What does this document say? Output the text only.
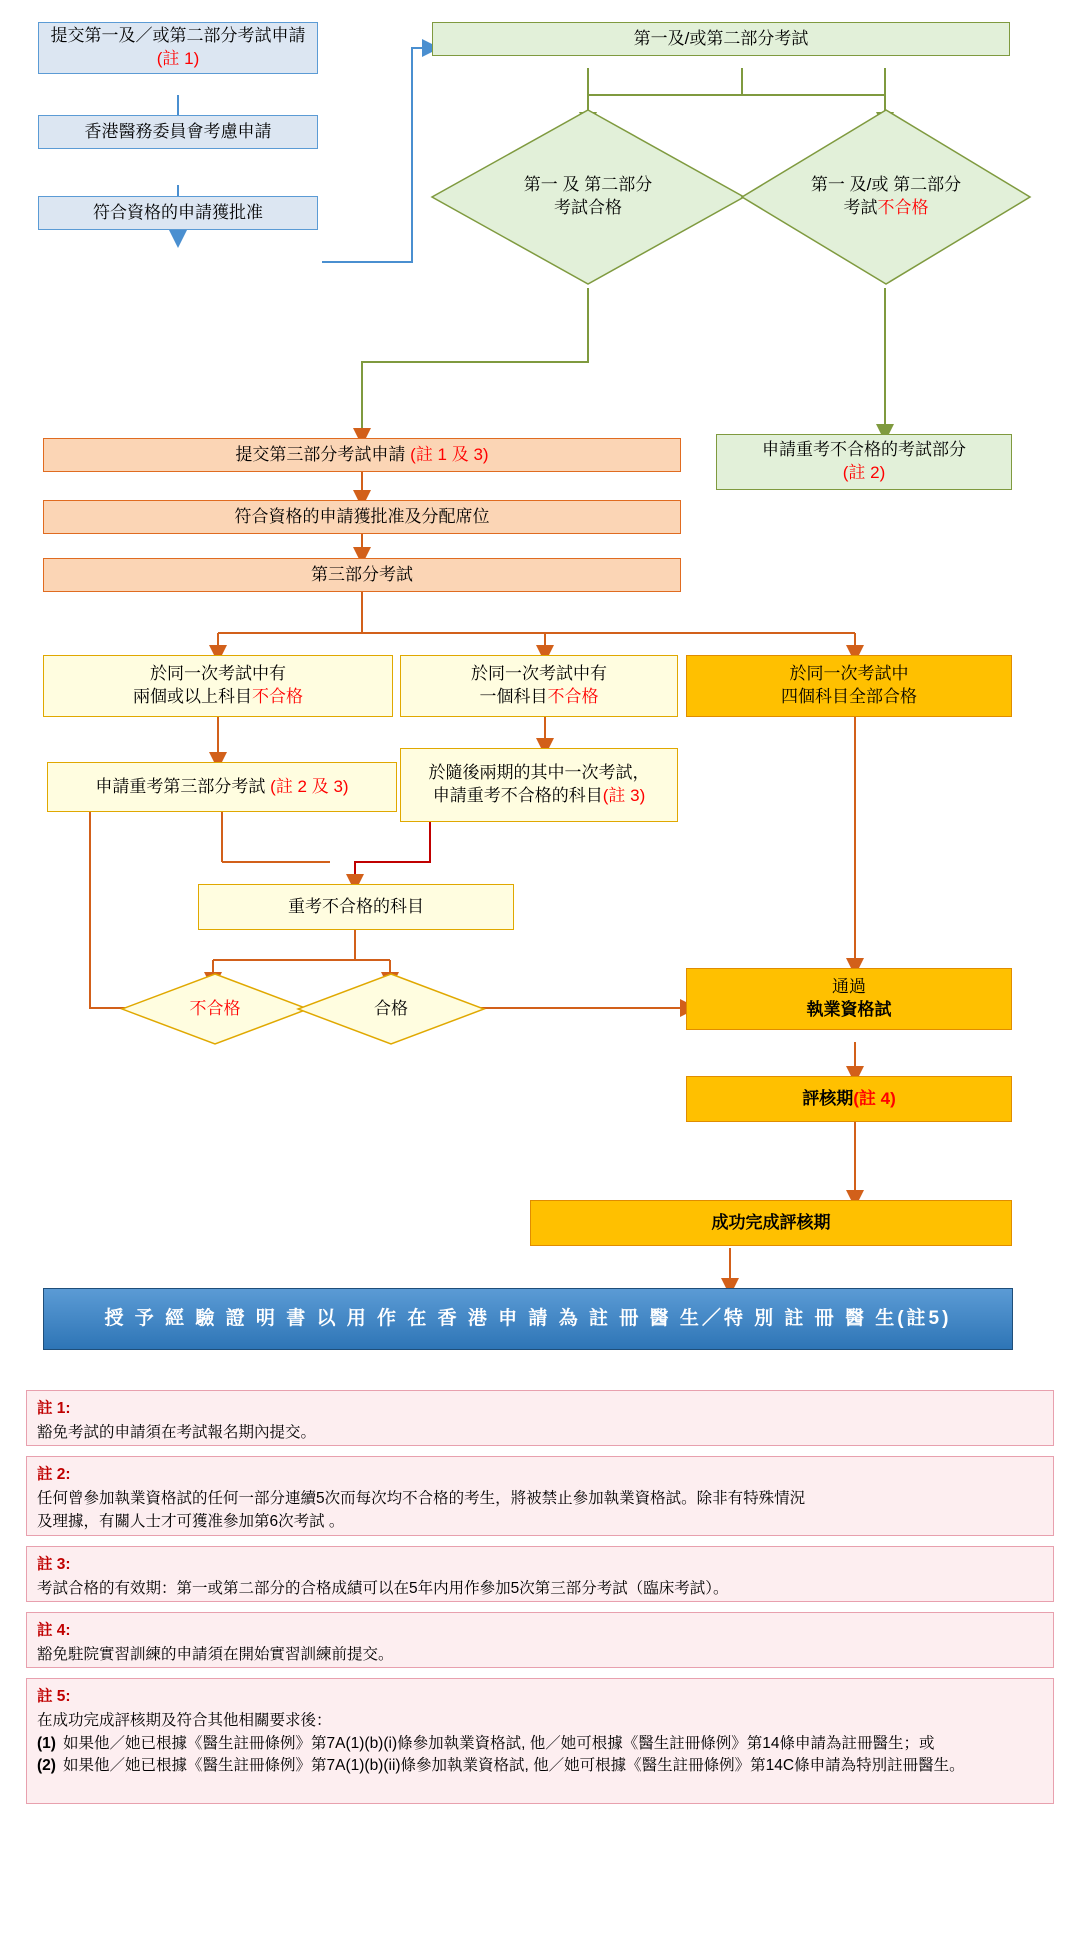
提交第一及／或第二部分考試申請
(註 1)
香港醫務委員會考慮申請
符合資格的申請獲批准
第一及/或第二部分考試
第一 及 第二部分
考試合格
第一 及/或 第二部分
考試不合格
申請重考不合格的考試部分
(註 2)
提交第三部分考試申請 (註 1 及 3)
符合資格的申請獲批准及分配席位
第三部分考試
於同一次考試中有
兩個或以上科目不合格
於同一次考試中有
一個科目不合格
於同一次考試中
四個科目全部合格
申請重考第三部分考試 (註 2 及 3)
於隨後兩期的其中一次考試，
申請重考不合格的科目(註 3)
重考不合格的科目
不合格	合格
通過
執業資格試
評核期(註 4)
成功完成評核期
授 予 經 驗 證 明 書 以 用 作 在 香 港 申 請 為 註 冊 醫 生／特 別 註 冊 醫 生(註5)
註 1:
豁免考試的申請須在考試報名期內提交。
註 2:
任何曾參加執業資格試的任何一部分連續5次而每次均不合格的考生，將被禁止參加執業資格試。除非有特殊情況
及理據，有關人士才可獲准參加第6次考試 。
註 3:
考試合格的有效期：第一或第二部分的合格成績可以在5年内用作參加5次第三部分考試（臨床考試）。
註 4:
豁免駐院實習訓練的申請須在開始實習訓練前提交。
註 5:
在成功完成評核期及符合其他相關要求後：
(1) 如果他／她已根據《醫生註冊條例》第7A(1)(b)(i)條參加執業資格試, 他／她可根據《醫生註冊條例》第14條申請為註冊醫生；或
(2) 如果他／她已根據《醫生註冊條例》第7A(1)(b)(ii)條參加執業資格試, 他／她可根據《醫生註冊條例》第14C條申請為特別註冊醫生。
